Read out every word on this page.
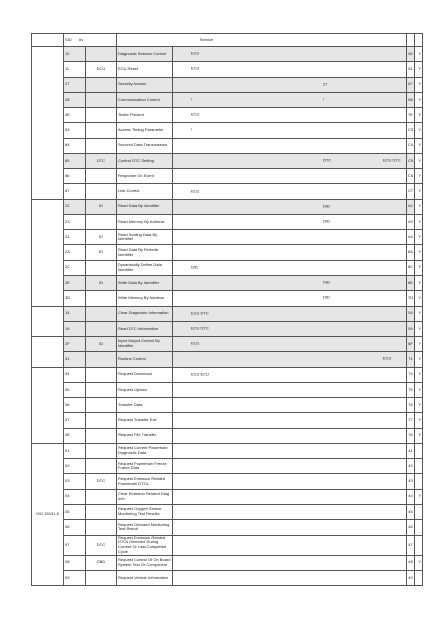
	SID 0x		Service			
	10		Diagnostic Session Control	ECU	50	Y
	11	ECU	ECU Reset	ECU	51	Y
	27		Security Access	27	67	Y
	28		Communication Control	/ /	68	Y
	3E		Tester Present	ECU	7E	Y
	83		Access Timing Parameter	/	C3	Y
	84		Secured Data Transmission		C4	Y
	85	DTC	Control DTC Setting	DTC ECU DTC	C5	Y
	86		Response On Event		C6	Y
	87		Link Control	ECU	C7	Y
	22	ID	Read Data By Identifier	DID	62	Y
	23		Read Memory By Address	DID	63	Y
	24	ID	Read Scaling Data By Identifier		64	Y
	2A	ID	Read Data By Periodic Identifier		6A	Y
	2C		Dynamically Define Data Identifier	DID	6C	Y
	2E	ID	Write Data By Identifier	DID	6E	Y
	3D		Write Memory By Address	DID	7D	Y
	14		Clear Diagnostic Information	ECU DTC	54	Y
	19		Read DTC Information	ECU DTC	59	Y
	2F	ID	Input Output Control By Identifier	ECU	6F	Y
	31		Routine Control	ECU	71	Y
	34		Request Download	ECU ECU	74	Y
	35		Request Upload		75	Y
	36		Transfer Data		76	Y
	37		Request Transfer Exit		77	Y
	38		Request File Transfer		78	Y
ISO 15031-5	01		Request Current Powertrain Diagnostic Data		41	
	02		Request Powertrain Freeze Frame Data		42	
	03	DTC	Request Emission Related Powertrain DTCs		43	
	04		Clear Emission Related Diag Info		44	Y
	05		Request Oxygen Sensor Monitoring Test Results		45	
	06		Request Onboard Monitoring Test Result		46	
	07	DTC	Request Emission Related DTCs Detected During Current Or Last Completed Cycle		47	
	08	OBD	Request Control Of On Board System Test Or Component		48	Y
	09		Request Vehicle Information		49	
